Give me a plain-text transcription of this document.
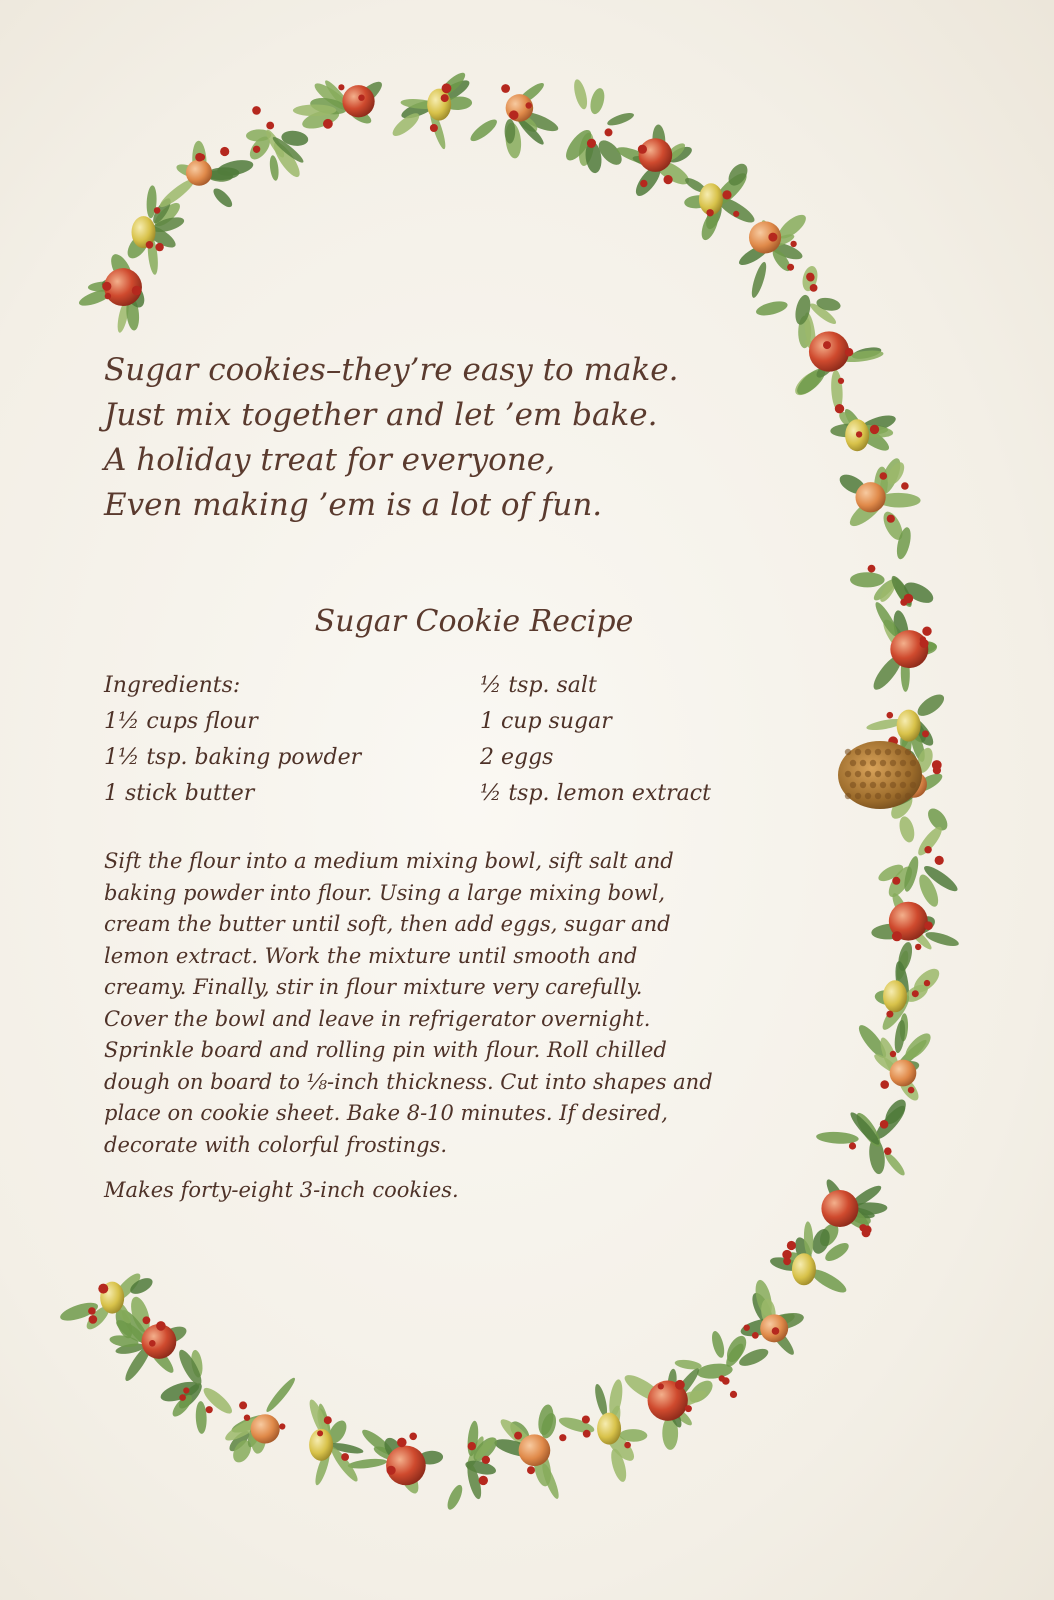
Sugar cookies–they’re easy to make.
Just mix together and let ’em bake.
A holiday treat for everyone,
Even making ’em is a lot of fun.
Sugar Cookie Recipe
Ingredients:
1½ cups flour
1½ tsp. baking powder
1 stick butter
½ tsp. salt
1 cup sugar
2 eggs
½ tsp. lemon extract
Sift the flour into a medium mixing bowl, sift salt and
baking powder into flour. Using a large mixing bowl,
cream the butter until soft, then add eggs, sugar and
lemon extract. Work the mixture until smooth and
creamy. Finally, stir in flour mixture very carefully.
Cover the bowl and leave in refrigerator overnight.
Sprinkle board and rolling pin with flour. Roll chilled
dough on board to ⅛-inch thickness. Cut into shapes and
place on cookie sheet. Bake 8-10 minutes. If desired,
decorate with colorful frostings.
Makes forty-eight 3-inch cookies.
